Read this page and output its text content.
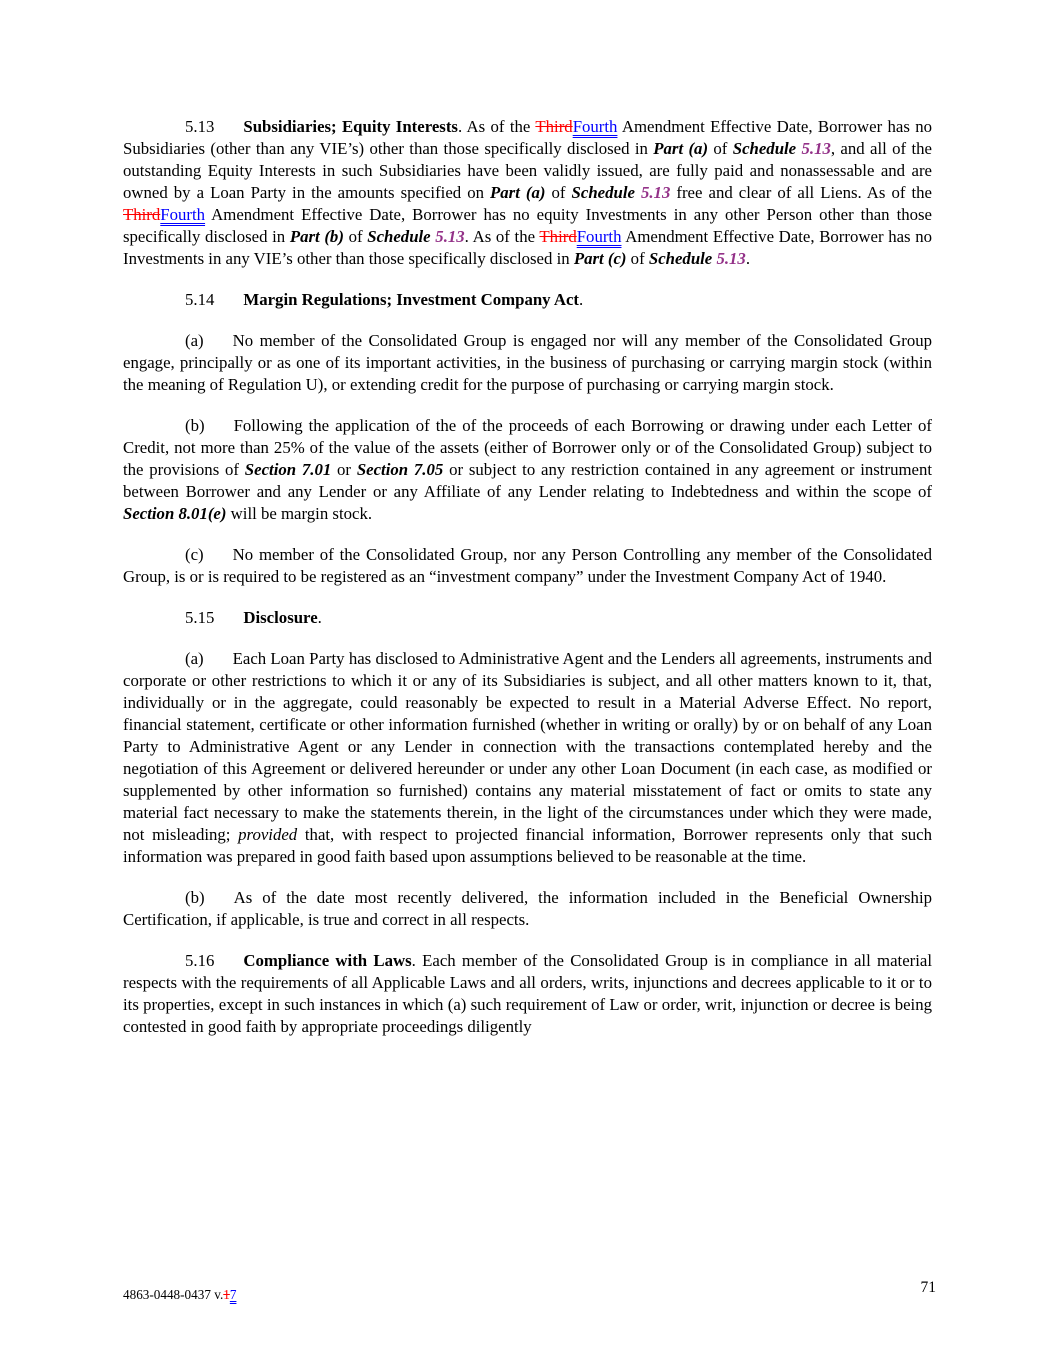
5.13 Subsidiaries; Equity Interests. As of the ThirdFourth Amendment Effective Date, Borrower has no Subsidiaries (other than any VIE’s) other than those specifically disclosed in Part (a) of Schedule 5.13, and all of the outstanding Equity Interests in such Subsidiaries have been validly issued, are fully paid and nonassessable and are owned by a Loan Party in the amounts specified on Part (a) of Schedule 5.13 free and clear of all Liens. As of the ThirdFourth Amendment Effective Date, Borrower has no equity Investments in any other Person other than those specifically disclosed in Part (b) of Schedule 5.13. As of the ThirdFourth Amendment Effective Date, Borrower has no Investments in any VIE’s other than those specifically disclosed in Part (c) of Schedule 5.13.

5.14 Margin Regulations; Investment Company Act.

(a) No member of the Consolidated Group is engaged nor will any member of the Consolidated Group engage, principally or as one of its important activities, in the business of purchasing or carrying margin stock (within the meaning of Regulation U), or extending credit for the purpose of purchasing or carrying margin stock.

(b) Following the application of the of the proceeds of each Borrowing or drawing under each Letter of Credit, not more than 25% of the value of the assets (either of Borrower only or of the Consolidated Group) subject to the provisions of Section 7.01 or Section 7.05 or subject to any restriction contained in any agreement or instrument between Borrower and any Lender or any Affiliate of any Lender relating to Indebtedness and within the scope of Section 8.01(e) will be margin stock.

(c) No member of the Consolidated Group, nor any Person Controlling any member of the Consolidated Group, is or is required to be registered as an “investment company” under the Investment Company Act of 1940.

5.15 Disclosure.

(a) Each Loan Party has disclosed to Administrative Agent and the Lenders all agreements, instruments and corporate or other restrictions to which it or any of its Subsidiaries is subject, and all other matters known to it, that, individually or in the aggregate, could reasonably be expected to result in a Material Adverse Effect. No report, financial statement, certificate or other information furnished (whether in writing or orally) by or on behalf of any Loan Party to Administrative Agent or any Lender in connection with the transactions contemplated hereby and the negotiation of this Agreement or delivered hereunder or under any other Loan Document (in each case, as modified or supplemented by other information so furnished) contains any material misstatement of fact or omits to state any material fact necessary to make the statements therein, in the light of the circumstances under which they were made, not misleading; provided that, with respect to projected financial information, Borrower represents only that such information was prepared in good faith based upon assumptions believed to be reasonable at the time.

(b) As of the date most recently delivered, the information included in the Beneficial Ownership Certification, if applicable, is true and correct in all respects.

5.16 Compliance with Laws. Each member of the Consolidated Group is in compliance in all material respects with the requirements of all Applicable Laws and all orders, writs, injunctions and decrees applicable to it or to its properties, except in such instances in which (a) such requirement of Law or order, writ, injunction or decree is being contested in good faith by appropriate proceedings diligently

4863-0448-0437 v.17	71
